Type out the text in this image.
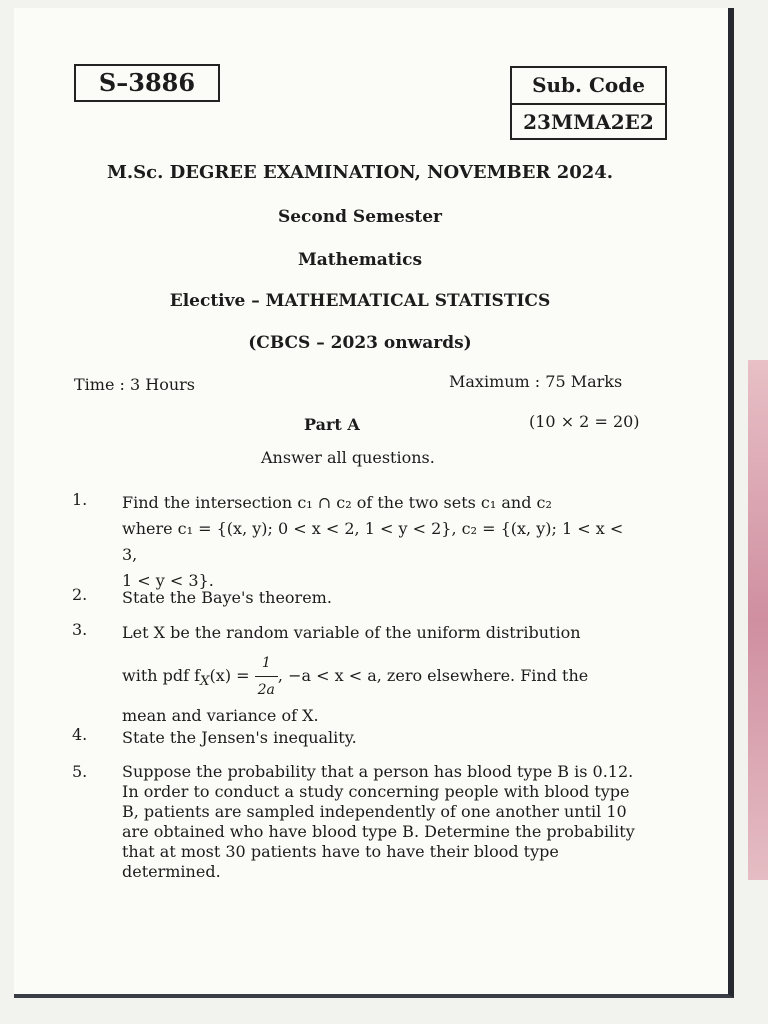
S–3886	Sub. Code
23MMA2E2
M.Sc. DEGREE EXAMINATION, NOVEMBER 2024.
Second Semester
Mathematics
Elective – MATHEMATICAL STATISTICS
(CBCS – 2023 onwards)
Time : 3 Hours	Maximum : 75 Marks
Part A	(10 × 2 = 20)
Answer all questions.
1. Find the intersection c₁ ∩ c₂ of the two sets c₁ and c₂
where c₁ = {(x, y); 0 < x < 2, 1 < y < 2}, c₂ = {(x, y); 1 < x < 3,
1 < y < 3}.
2. State the Baye's theorem.
3. Let X be the random variable of the uniform distribution
with pdf $f_X(x) = \frac{1}{2a}$ , −a < x < a, zero elsewhere. Find the
mean and variance of X.
4. State the Jensen's inequality.
5. Suppose the probability that a person has blood type B is 0.12. In order to conduct a study concerning people with blood type B, patients are sampled independently of one another until 10 are obtained who have blood type B. Determine the probability that at most 30 patients have to have their blood type determined.
